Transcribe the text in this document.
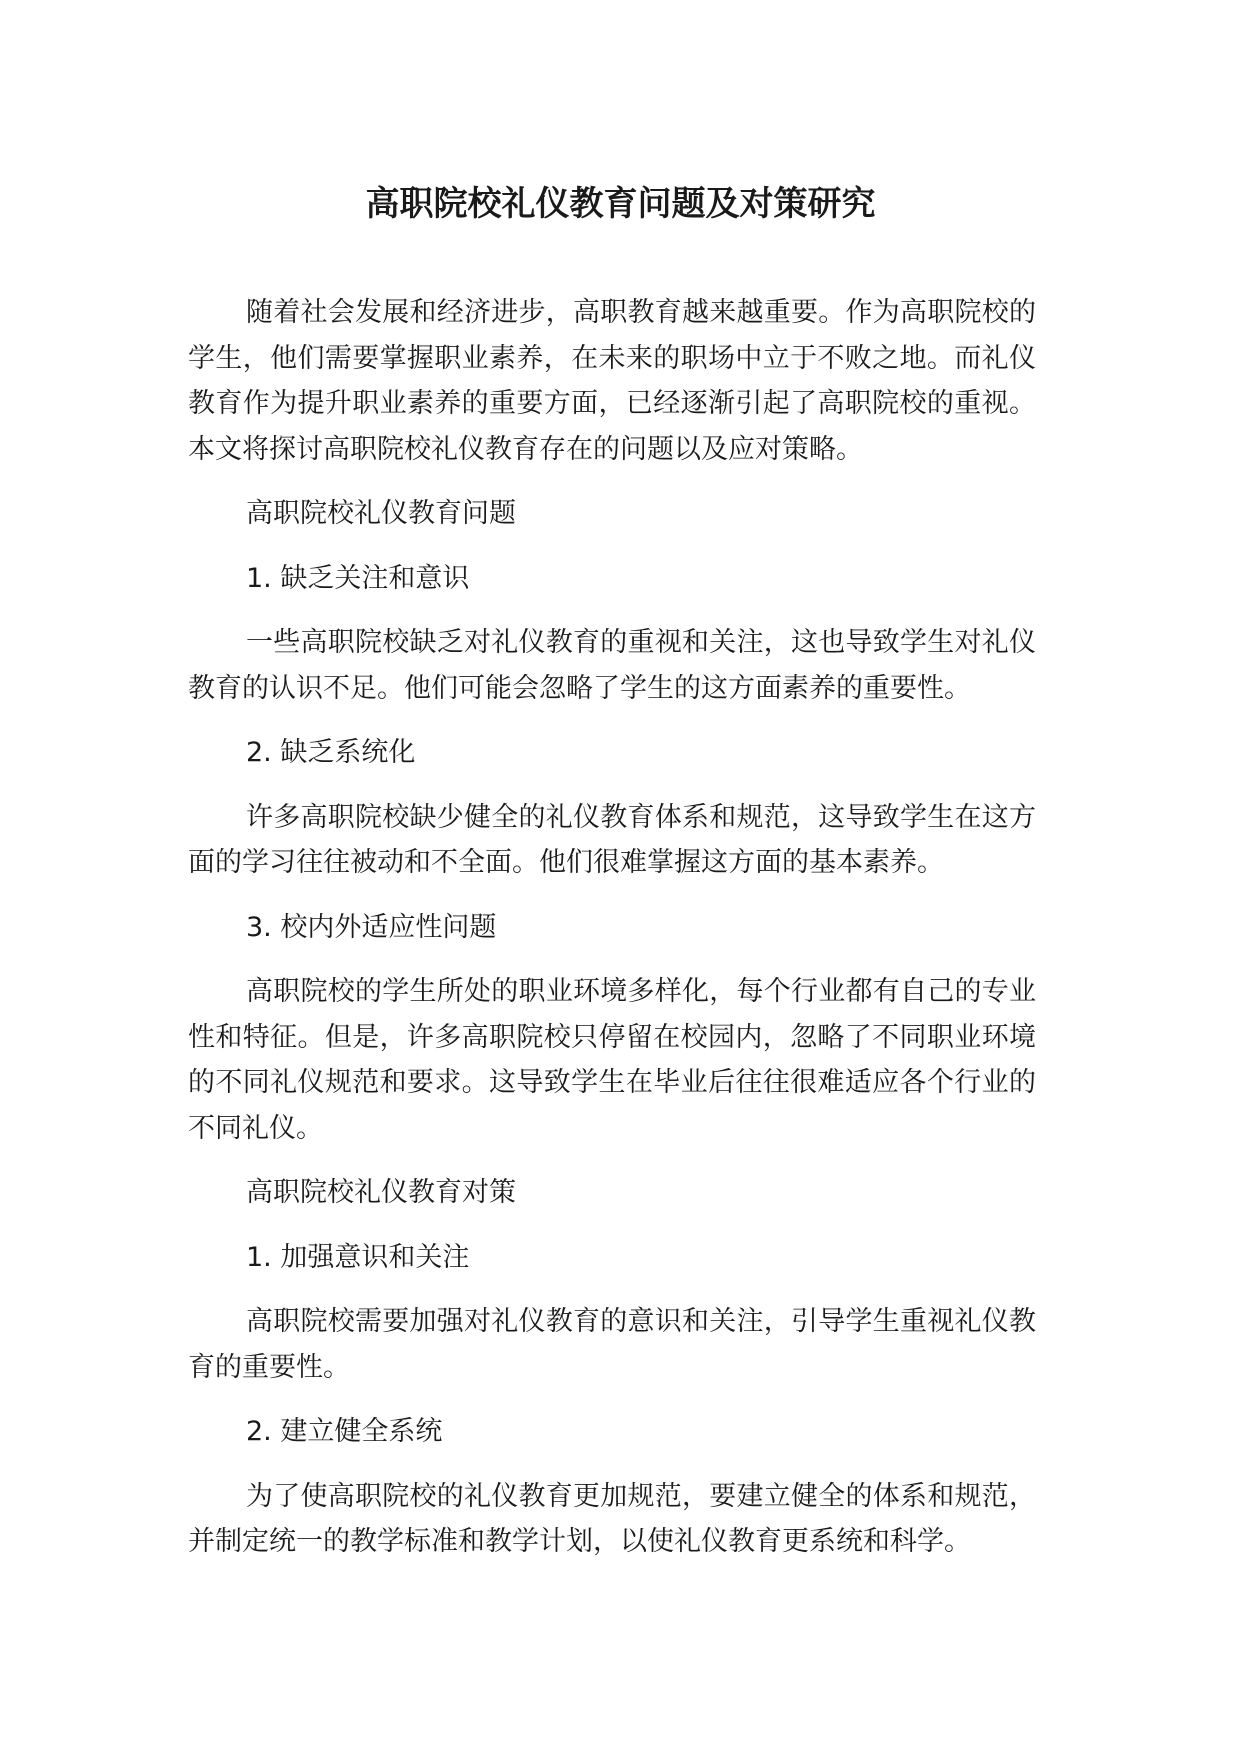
高职院校礼仪教育问题及对策研究

随着社会发展和经济进步，高职教育越来越重要。作为高职院校的学生，他们需要掌握职业素养，在未来的职场中立于不败之地。而礼仪教育作为提升职业素养的重要方面，已经逐渐引起了高职院校的重视。本文将探讨高职院校礼仪教育存在的问题以及应对策略。

高职院校礼仪教育问题

1. 缺乏关注和意识

一些高职院校缺乏对礼仪教育的重视和关注，这也导致学生对礼仪教育的认识不足。他们可能会忽略了学生的这方面素养的重要性。

2. 缺乏系统化

许多高职院校缺少健全的礼仪教育体系和规范，这导致学生在这方面的学习往往被动和不全面。他们很难掌握这方面的基本素养。

3. 校内外适应性问题

高职院校的学生所处的职业环境多样化，每个行业都有自己的专业性和特征。但是，许多高职院校只停留在校园内，忽略了不同职业环境的不同礼仪规范和要求。这导致学生在毕业后往往很难适应各个行业的不同礼仪。

高职院校礼仪教育对策

1. 加强意识和关注

高职院校需要加强对礼仪教育的意识和关注，引导学生重视礼仪教育的重要性。

2. 建立健全系统

为了使高职院校的礼仪教育更加规范，要建立健全的体系和规范，并制定统一的教学标准和教学计划，以使礼仪教育更系统和科学。
